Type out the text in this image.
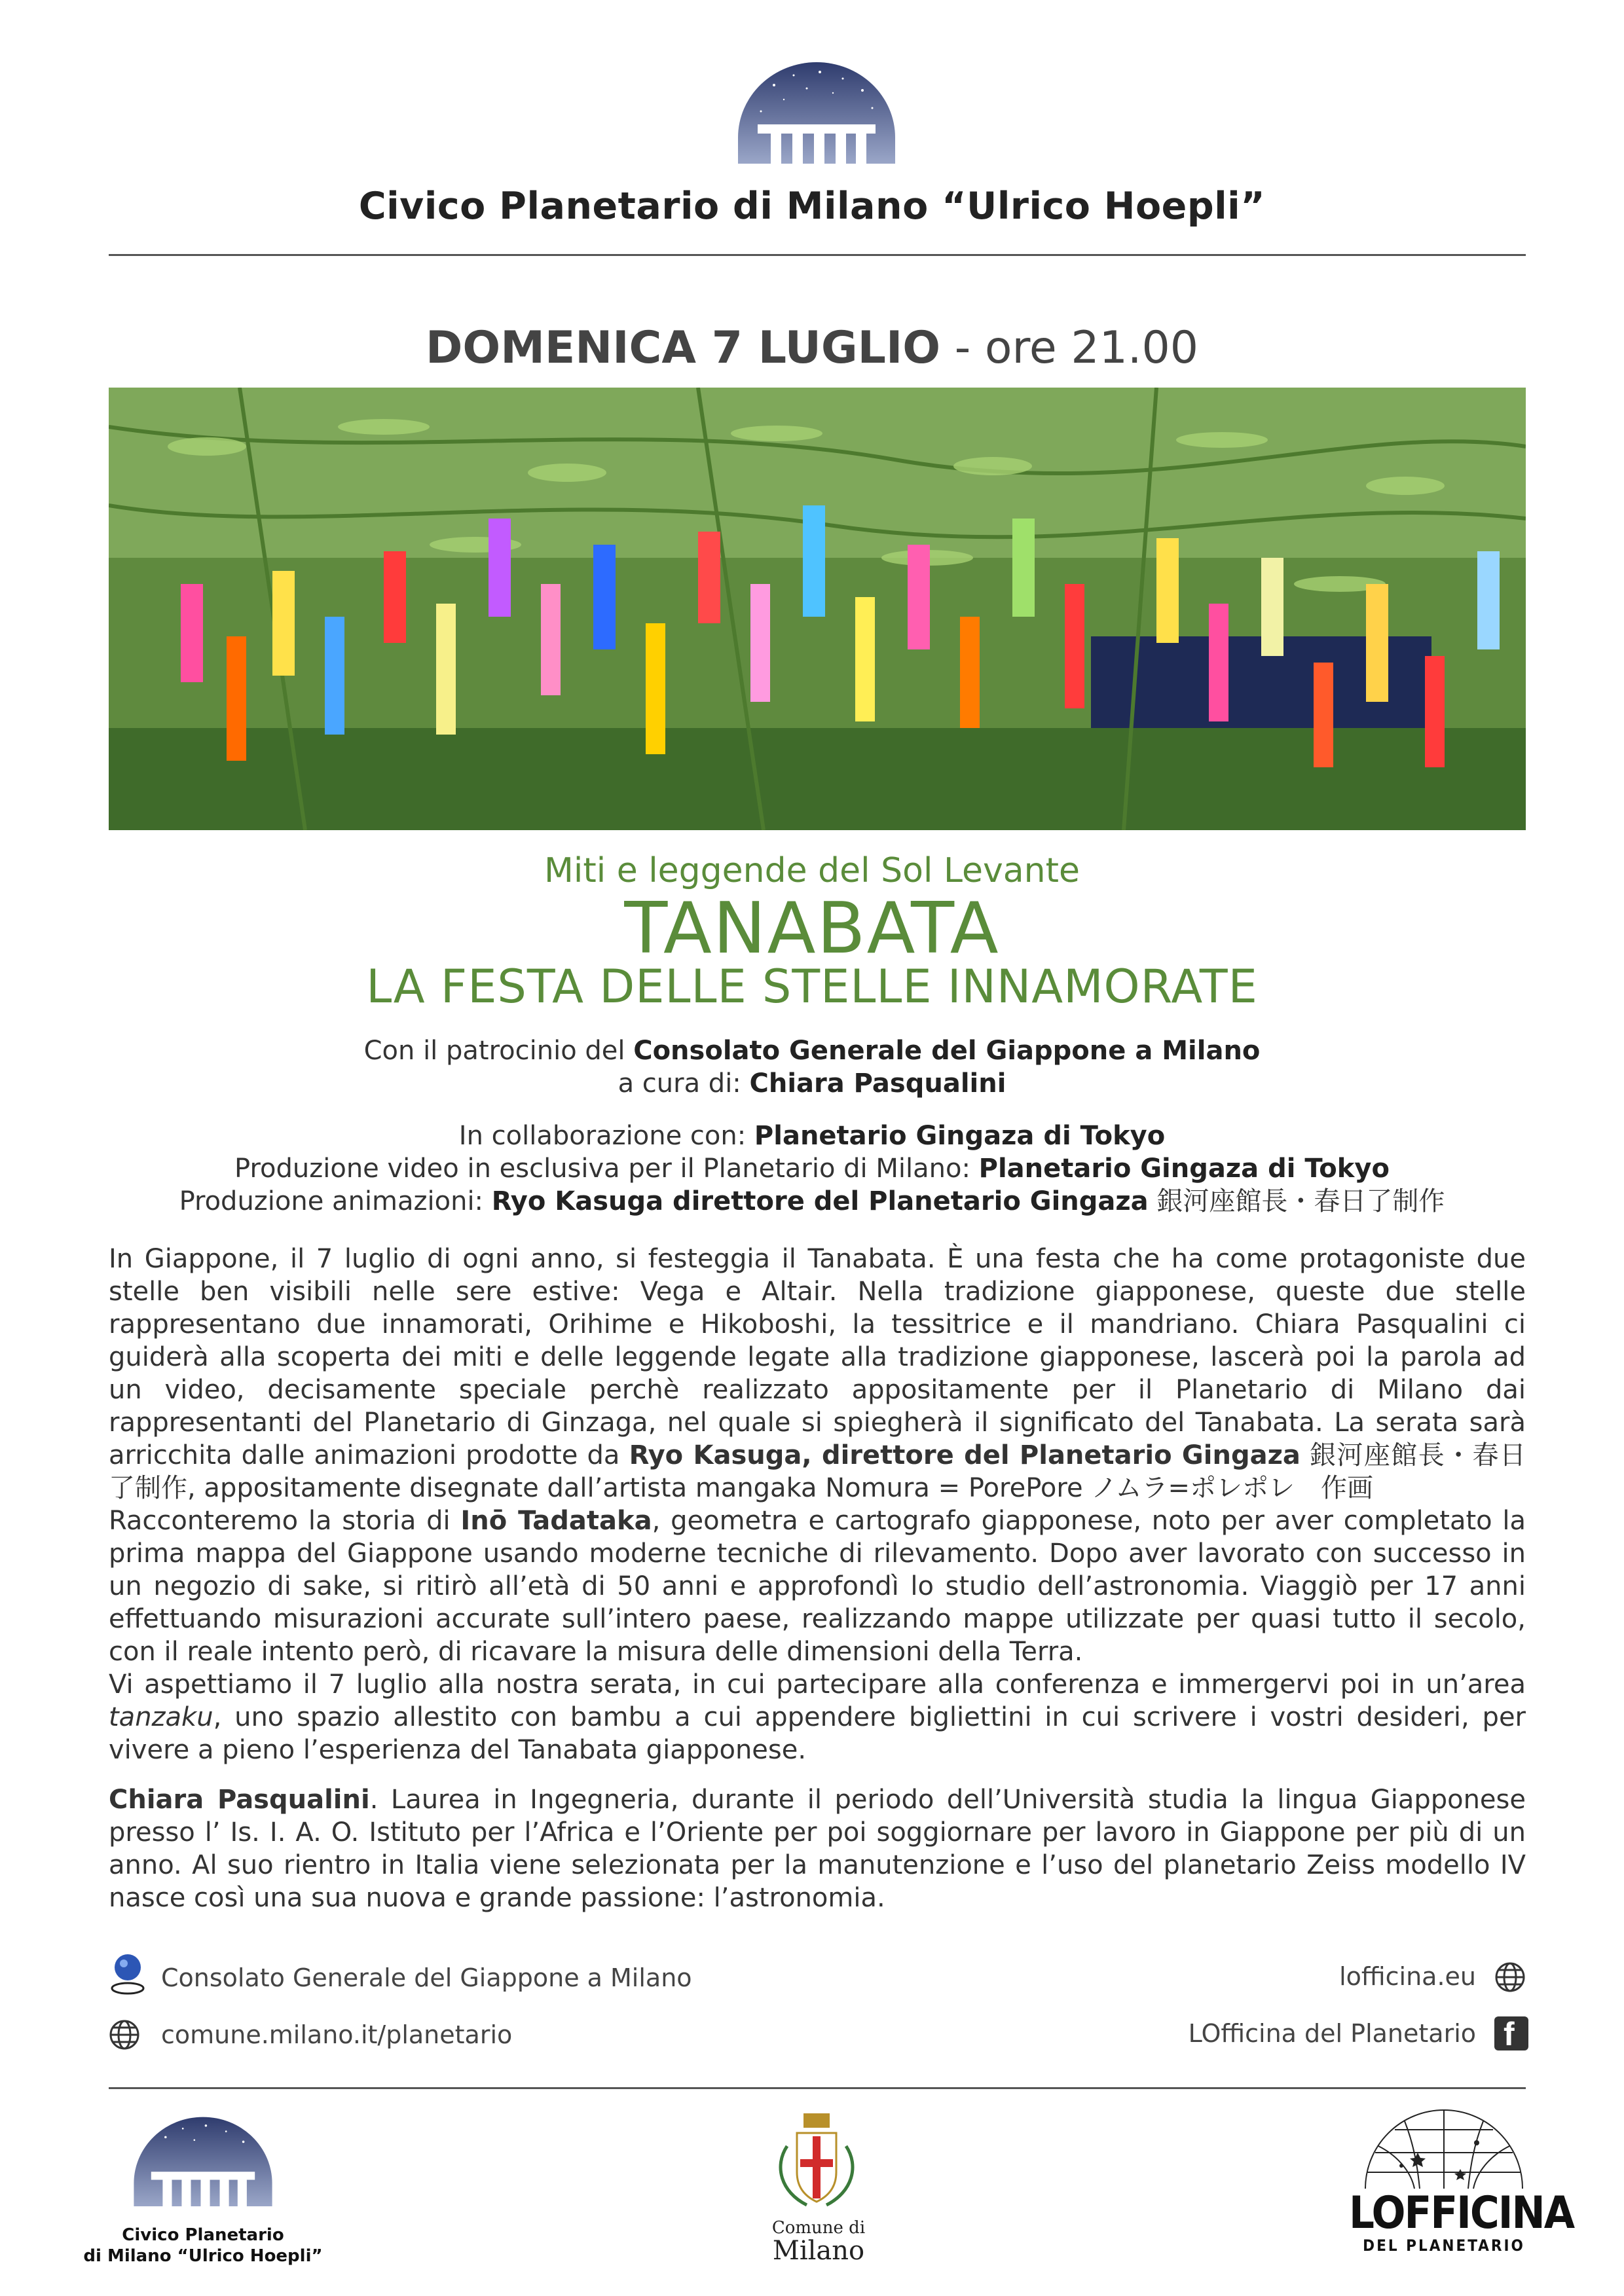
Civico Planetario di Milano “Ulrico Hoepli”
DOMENICA 7 LUGLIO - ore 21.00
Miti e leggende del Sol Levante
TANABATA
LA FESTA DELLE STELLE INNAMORATE
Con il patrocinio del Consolato Generale del Giappone a Milano
a cura di: Chiara Pasqualini
In collaborazione con: Planetario Gingaza di Tokyo
Produzione video in esclusiva per il Planetario di Milano: Planetario Gingaza di Tokyo
Produzione animazioni: Ryo Kasuga direttore del Planetario Gingaza 銀河座館長・春日了制作

In Giappone, il 7 luglio di ogni anno, si festeggia il Tanabata. È una festa che ha come protagoniste due stelle ben visibili nelle sere estive: Vega e Altair. Nella tradizione giapponese, queste due stelle rappresentano due innamorati, Orihime e Hikoboshi, la tessitrice e il mandriano. Chiara Pasqualini ci guiderà alla scoperta dei miti e delle leggende legate alla tradizione giapponese, lascerà poi la parola ad un video, decisamente speciale perchè realizzato appositamente per il Planetario di Milano dai rappresentanti del Planetario di Ginzaga, nel quale si spiegherà il significato del Tanabata. La serata sarà arricchita dalle animazioni prodotte da Ryo Kasuga, direttore del Planetario Gingaza 銀河座館長・春日了制作, appositamente disegnate dall’artista mangaka Nomura = PorePore ノムラ=ポレポレ　作画

Racconteremo la storia di Inō Tadataka, geometra e cartografo giapponese, noto per aver completato la prima mappa del Giappone usando moderne tecniche di rilevamento. Dopo aver lavorato con successo in un negozio di sake, si ritirò all’età di 50 anni e approfondì lo studio dell’astronomia. Viaggiò per 17 anni effettuando misurazioni accurate sull’intero paese, realizzando mappe utilizzate per quasi tutto il secolo, con il reale intento però, di ricavare la misura delle dimensioni della Terra.

Vi aspettiamo il 7 luglio alla nostra serata, in cui partecipare alla conferenza e immergervi poi in un’area tanzaku, uno spazio allestito con bambu a cui appendere bigliettini in cui scrivere i vostri desideri, per vivere a pieno l’esperienza del Tanabata giapponese.

Chiara Pasqualini. Laurea in Ingegneria, durante il periodo dell’Università studia la lingua Giapponese presso l’ Is. I. A. O. Istituto per l’Africa e l’Oriente per poi soggiornare per lavoro in Giappone per più di un anno. Al suo rientro in Italia viene selezionata per la manutenzione e l’uso del planetario Zeiss modello IV nasce così una sua nuova e grande passione: l’astronomia.

Consolato Generale del Giappone a Milano
comune.milano.it/planetario
lofficina.eu
LOfficina del Planetario f
Civico Planetario
di Milano “Ulrico Hoepli”
Comune di
Milano
LOFFICINA
DEL PLANETARIO
